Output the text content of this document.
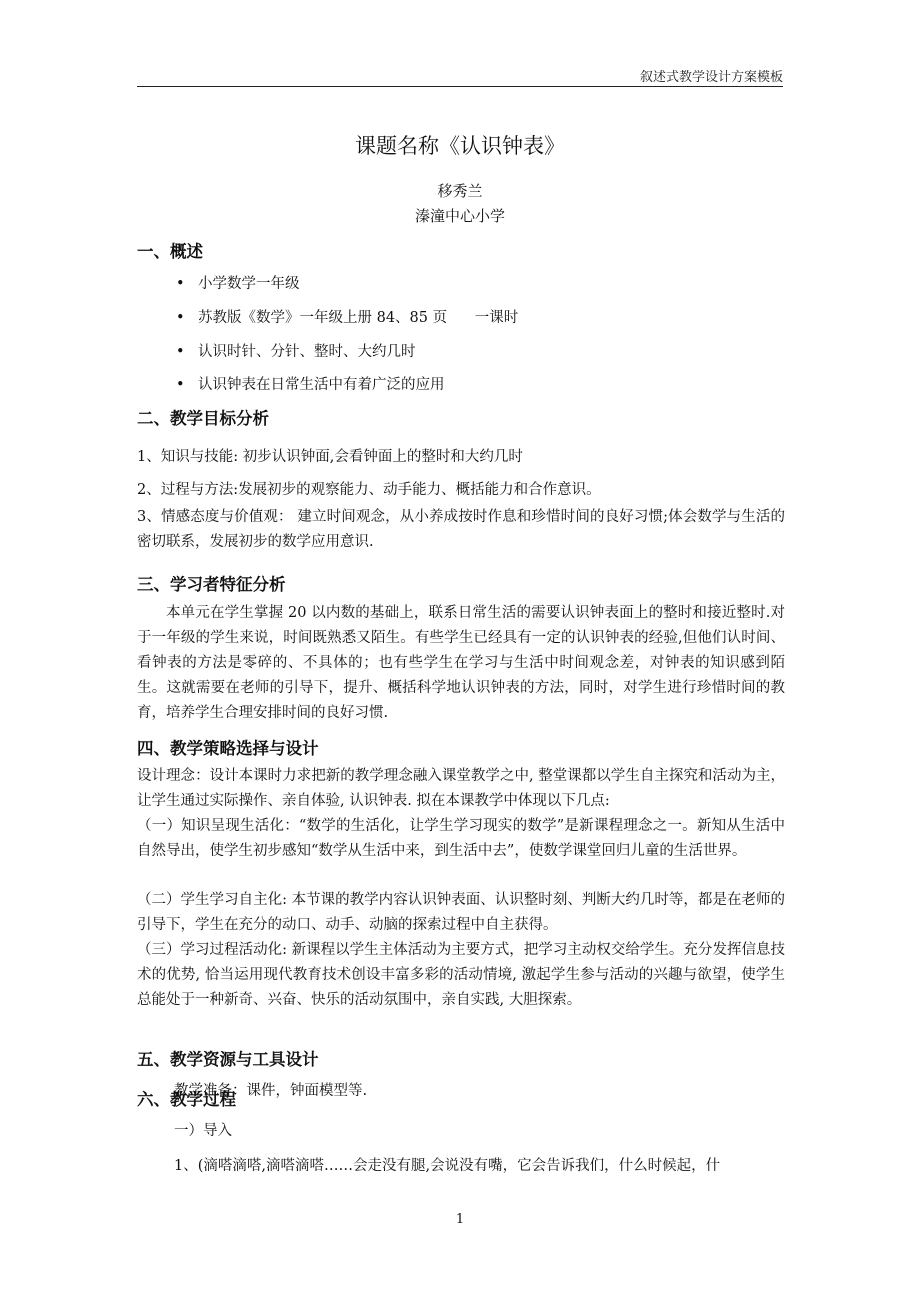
叙述式教学设计方案模板
课题名称《认识钟表》
移秀兰
溱潼中心小学
一、概述
• 小学数学一年级
• 苏教版《数学》一年级上册 84、85 页      一课时
• 认识时针、分针、整时、大约几时
• 认识钟表在日常生活中有着广泛的应用
二、教学目标分析
1、知识与技能: 初步认识钟面,会看钟面上的整时和大约几时
2、过程与方法:发展初步的观察能力、动手能力、概括能力和合作意识。
3、情感态度与价值观： 建立时间观念，从小养成按时作息和珍惜时间的良好习惯;体会数学与生活的密切联系，发展初步的数学应用意识.
三、学习者特征分析
本单元在学生掌握 20 以内数的基础上，联系日常生活的需要认识钟表面上的整时和接近整时.对于一年级的学生来说，时间既熟悉又陌生。有些学生已经具有一定的认识钟表的经验,但他们认时间、看钟表的方法是零碎的、不具体的；也有些学生在学习与生活中时间观念差，对钟表的知识感到陌生。这就需要在老师的引导下，提升、概括科学地认识钟表的方法，同时，对学生进行珍惜时间的教育，培养学生合理安排时间的良好习惯.
四、教学策略选择与设计
设计理念：设计本课时力求把新的教学理念融入课堂教学之中, 整堂课都以学生自主探究和活动为主，让学生通过实际操作、亲自体验, 认识钟表. 拟在本课教学中体现以下几点:
（一）知识呈现生活化：“数学的生活化，让学生学习现实的数学”是新课程理念之一。新知从生活中自然导出，使学生初步感知“数学从生活中来，到生活中去”，使数学课堂回归儿童的生活世界。
（二）学生学习自主化: 本节课的教学内容认识钟表面、认识整时刻、判断大约几时等，都是在老师的引导下，学生在充分的动口、动手、动脑的探索过程中自主获得。
（三）学习过程活动化: 新课程以学生主体活动为主要方式，把学习主动权交给学生。充分发挥信息技术的优势, 恰当运用现代教育技术创设丰富多彩的活动情境, 激起学生参与活动的兴趣与欲望，使学生总能处于一种新奇、兴奋、快乐的活动氛围中，亲自实践, 大胆探索。
五、教学资源与工具设计
教学准备：课件，钟面模型等.
六、教学过程
一）导入
1、(滴嗒滴嗒,滴嗒滴嗒……会走没有腿,会说没有嘴，它会告诉我们，什么时候起，什
1
